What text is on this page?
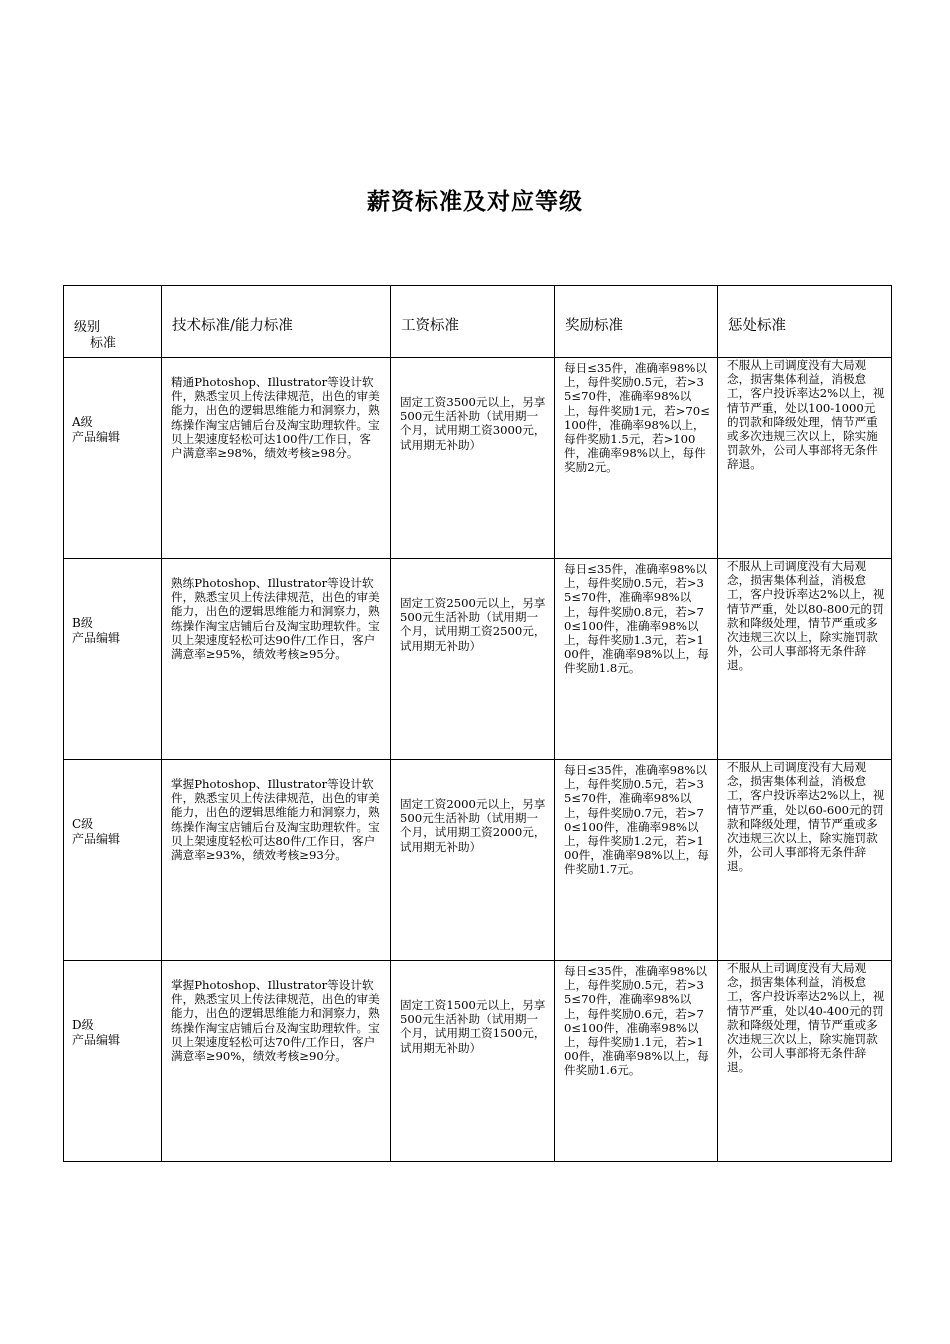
薪资标准及对应等级
级别
标准	技术标准/能力标准	工资标准	奖励标准	惩处标准

A级
产品编辑	精通Photoshop、Illustrator等设计软件，熟悉宝贝上传法律规范，出色的审美能力，出色的逻辑思维能力和洞察力，熟练操作淘宝店铺后台及淘宝助理软件。宝贝上架速度轻松可达100件/工作日，客户满意率≥98%，绩效考核≥98分。	固定工资3500元以上，另享500元生活补助（试用期一个月，试用期工资3000元，试用期无补助）	每日≤35件，准确率98%以上，每件奖励0.5元，若>35≤70件，准确率98%以上，每件奖励1元，若>70≤100件，准确率98%以上，每件奖励1.5元，若>100件，准确率98%以上，每件奖励2元。	不服从上司调度没有大局观念，损害集体利益，消极怠工，客户投诉率达2%以上，视情节严重，处以100-1000元的罚款和降级处理，情节严重或多次违规三次以上，除实施罚款外，公司人事部将无条件辞退。

B级
产品编辑	熟练Photoshop、Illustrator等设计软件，熟悉宝贝上传法律规范，出色的审美能力，出色的逻辑思维能力和洞察力，熟练操作淘宝店铺后台及淘宝助理软件。宝贝上架速度轻松可达90件/工作日，客户满意率≥95%，绩效考核≥95分。	固定工资2500元以上，另享500元生活补助（试用期一个月，试用期工资2500元，试用期无补助）	每日≤35件，准确率98%以上，每件奖励0.5元，若>35≤70件，准确率98%以上，每件奖励0.8元，若>70≤100件，准确率98%以上，每件奖励1.3元，若>100件，准确率98%以上，每件奖励1.8元。	不服从上司调度没有大局观念，损害集体利益，消极怠工，客户投诉率达2%以上，视情节严重，处以80-800元的罚款和降级处理，情节严重或多次违规三次以上，除实施罚款外，公司人事部将无条件辞退。

C级
产品编辑	掌握Photoshop、Illustrator等设计软件，熟悉宝贝上传法律规范，出色的审美能力，出色的逻辑思维能力和洞察力，熟练操作淘宝店铺后台及淘宝助理软件。宝贝上架速度轻松可达80件/工作日，客户满意率≥93%，绩效考核≥93分。	固定工资2000元以上，另享500元生活补助（试用期一个月，试用期工资2000元，试用期无补助）	每日≤35件，准确率98%以上，每件奖励0.5元，若>35≤70件，准确率98%以上，每件奖励0.7元，若>70≤100件，准确率98%以上，每件奖励1.2元，若>100件，准确率98%以上，每件奖励1.7元。	不服从上司调度没有大局观念，损害集体利益，消极怠工，客户投诉率达2%以上，视情节严重，处以60-600元的罚款和降级处理，情节严重或多次违规三次以上，除实施罚款外，公司人事部将无条件辞退。

D级
产品编辑	掌握Photoshop、Illustrator等设计软件，熟悉宝贝上传法律规范，出色的审美能力，出色的逻辑思维能力和洞察力，熟练操作淘宝店铺后台及淘宝助理软件。宝贝上架速度轻松可达70件/工作日，客户满意率≥90%，绩效考核≥90分。	固定工资1500元以上，另享500元生活补助（试用期一个月，试用期工资1500元，试用期无补助）	每日≤35件，准确率98%以上，每件奖励0.5元，若>35≤70件，准确率98%以上，每件奖励0.6元，若>70≤100件，准确率98%以上，每件奖励1.1元，若>100件，准确率98%以上，每件奖励1.6元。	不服从上司调度没有大局观念，损害集体利益，消极怠工，客户投诉率达2%以上，视情节严重，处以40-400元的罚款和降级处理，情节严重或多次违规三次以上，除实施罚款外，公司人事部将无条件辞退。
